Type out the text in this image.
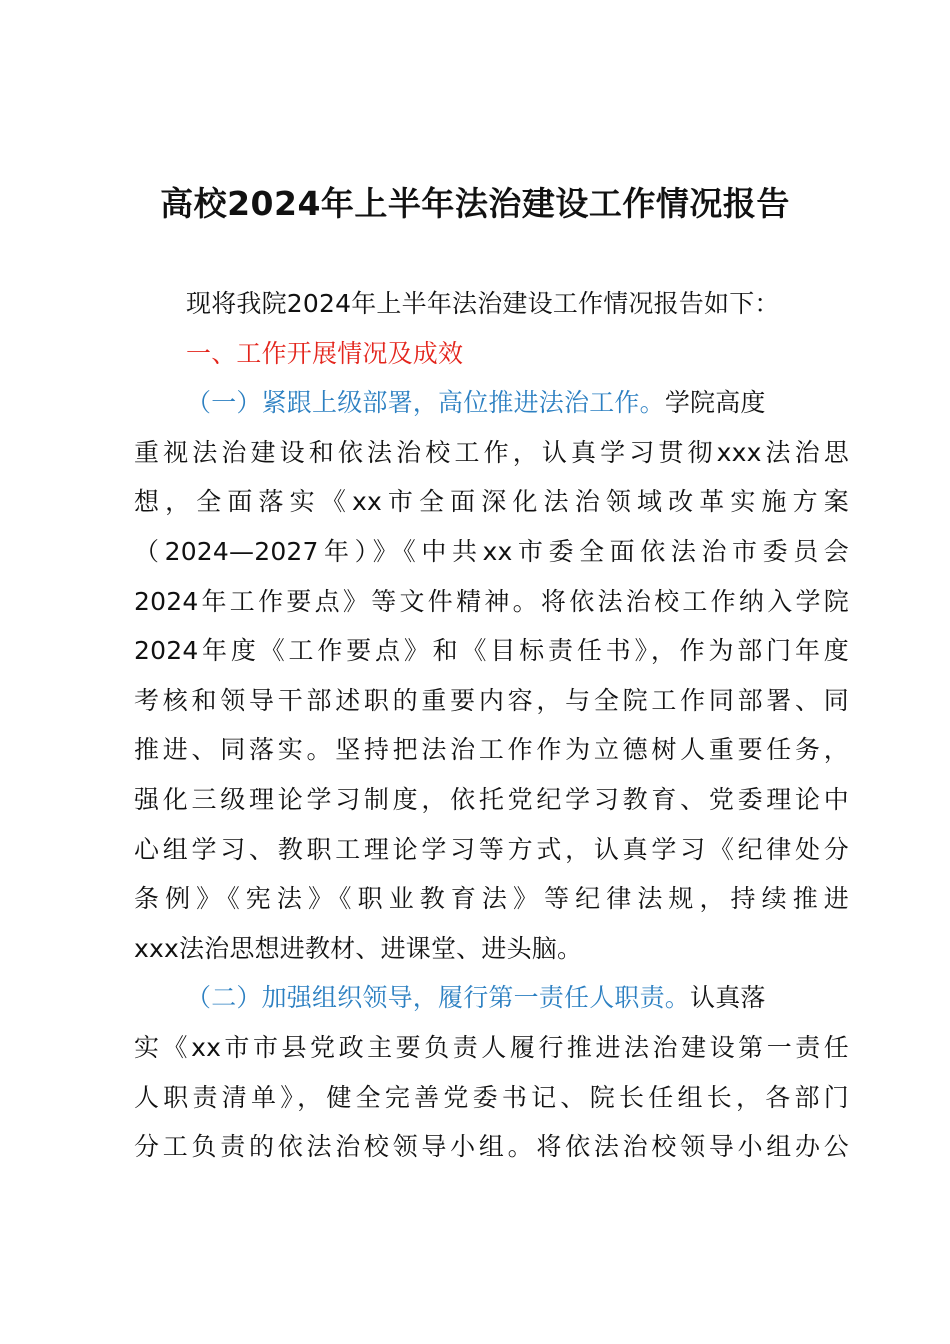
高校2024年上半年法治建设工作情况报告
现将我院2024年上半年法治建设工作情况报告如下：
一、工作开展情况及成效
（一）紧跟上级部署，高位推进法治工作。学院高度
重视法治建设和依法治校工作，认真学习贯彻xxx法治思
想，全面落实《xx市全面深化法治领域改革实施方案
（2024—2027年）》《中共xx市委全面依法治市委员会
2024年工作要点》等文件精神。将依法治校工作纳入学院
2024年度《工作要点》和《目标责任书》，作为部门年度
考核和领导干部述职的重要内容，与全院工作同部署、同
推进、同落实。坚持把法治工作作为立德树人重要任务，
强化三级理论学习制度，依托党纪学习教育、党委理论中
心组学习、教职工理论学习等方式，认真学习《纪律处分
条例》《宪法》《职业教育法》等纪律法规，持续推进
xxx法治思想进教材、进课堂、进头脑。
（二）加强组织领导，履行第一责任人职责。认真落
实《xx市市县党政主要负责人履行推进法治建设第一责任
人职责清单》，健全完善党委书记、院长任组长，各部门
分工负责的依法治校领导小组。将依法治校领导小组办公
